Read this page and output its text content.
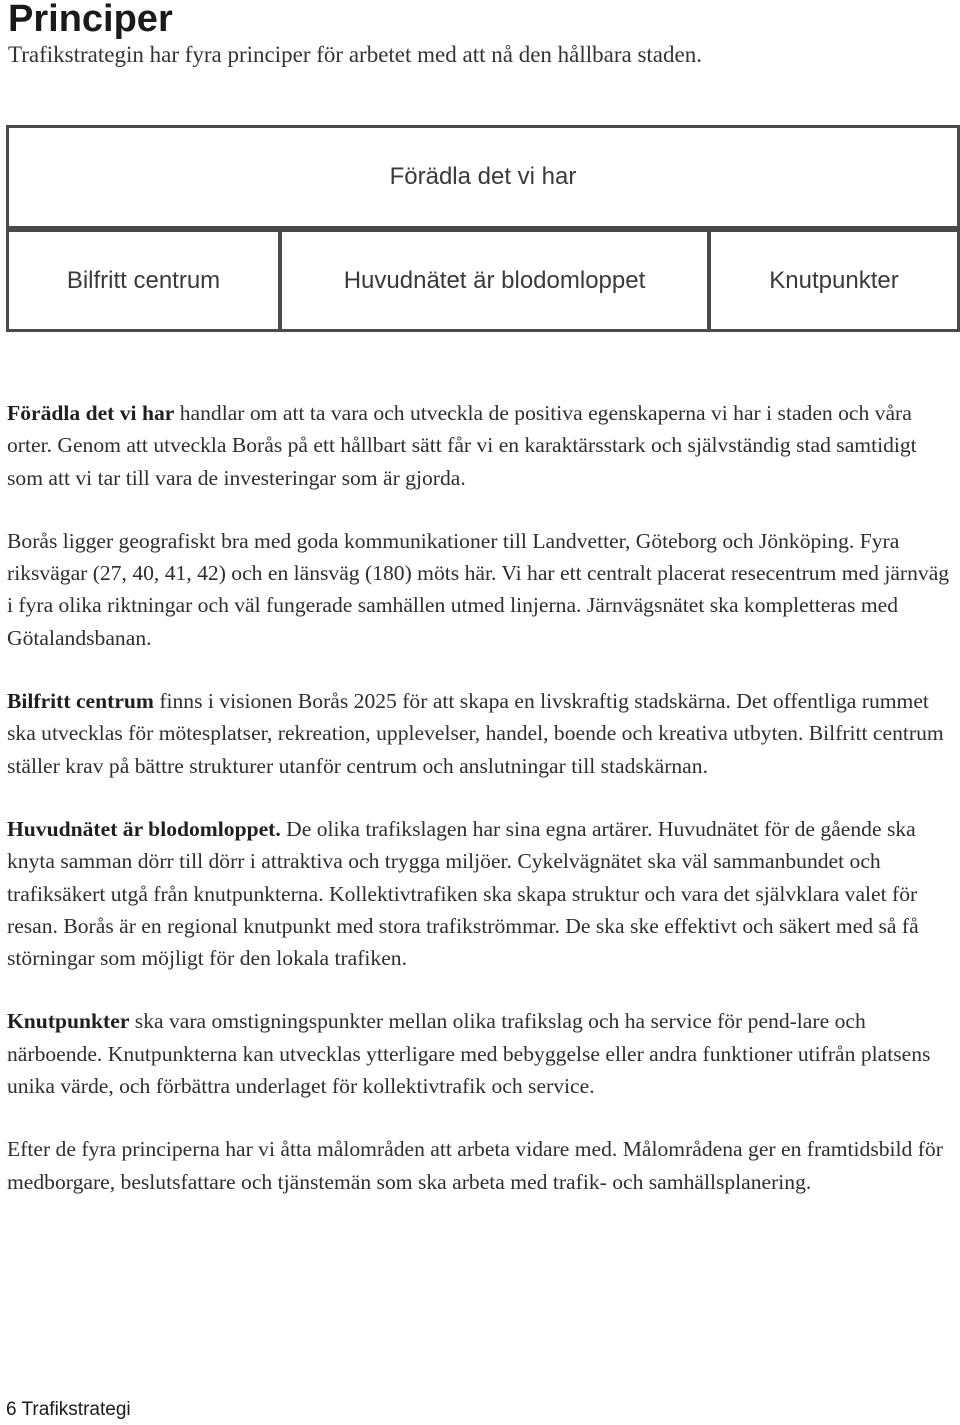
Principer

Trafikstrategin har fyra principer för arbetet med att nå den hållbara staden.

Förädla det vi har
Bilfritt centrum	Huvudnätet är blodomloppet	Knutpunkter

Förädla det vi har handlar om att ta vara och utveckla de positiva egenskaperna vi har i staden och våra orter. Genom att utveckla Borås på ett hållbart sätt får vi en karaktärsstark och självständig stad samtidigt som att vi tar till vara de investeringar som är gjorda.

Borås ligger geografiskt bra med goda kommunikationer till Landvetter, Göteborg och Jönköping. Fyra riksvägar (27, 40, 41, 42) och en länsväg (180) möts här. Vi har ett centralt placerat resecentrum med järnväg i fyra olika riktningar och väl fungerade samhällen utmed linjerna. Järnvägsnätet ska kompletteras med Götalandsbanan.

Bilfritt centrum finns i visionen Borås 2025 för att skapa en livskraftig stadskärna. Det offentliga rummet ska utvecklas för mötesplatser, rekreation, upplevelser, handel, boende och kreativa utbyten. Bilfritt centrum ställer krav på bättre strukturer utanför centrum och anslutningar till stadskärnan.

Huvudnätet är blodomloppet. De olika trafikslagen har sina egna artärer. Huvudnätet för de gående ska knyta samman dörr till dörr i attraktiva och trygga miljöer. Cykelvägnätet ska väl sammanbundet och trafiksäkert utgå från knutpunkterna. Kollektivtrafiken ska skapa struktur och vara det självklara valet för resan. Borås är en regional knutpunkt med stora trafikströmmar. De ska ske effektivt och säkert med så få störningar som möjligt för den lokala trafiken.

Knutpunkter ska vara omstigningspunkter mellan olika trafikslag och ha service för pend-lare och närboende. Knutpunkterna kan utvecklas ytterligare med bebyggelse eller andra funktioner utifrån platsens unika värde, och förbättra underlaget för kollektivtrafik och service.

Efter de fyra principerna har vi åtta målområden att arbeta vidare med. Målområdena ger en framtidsbild för medborgare, beslutsfattare och tjänstemän som ska arbeta med trafik- och samhällsplanering.

6 Trafikstrategi
